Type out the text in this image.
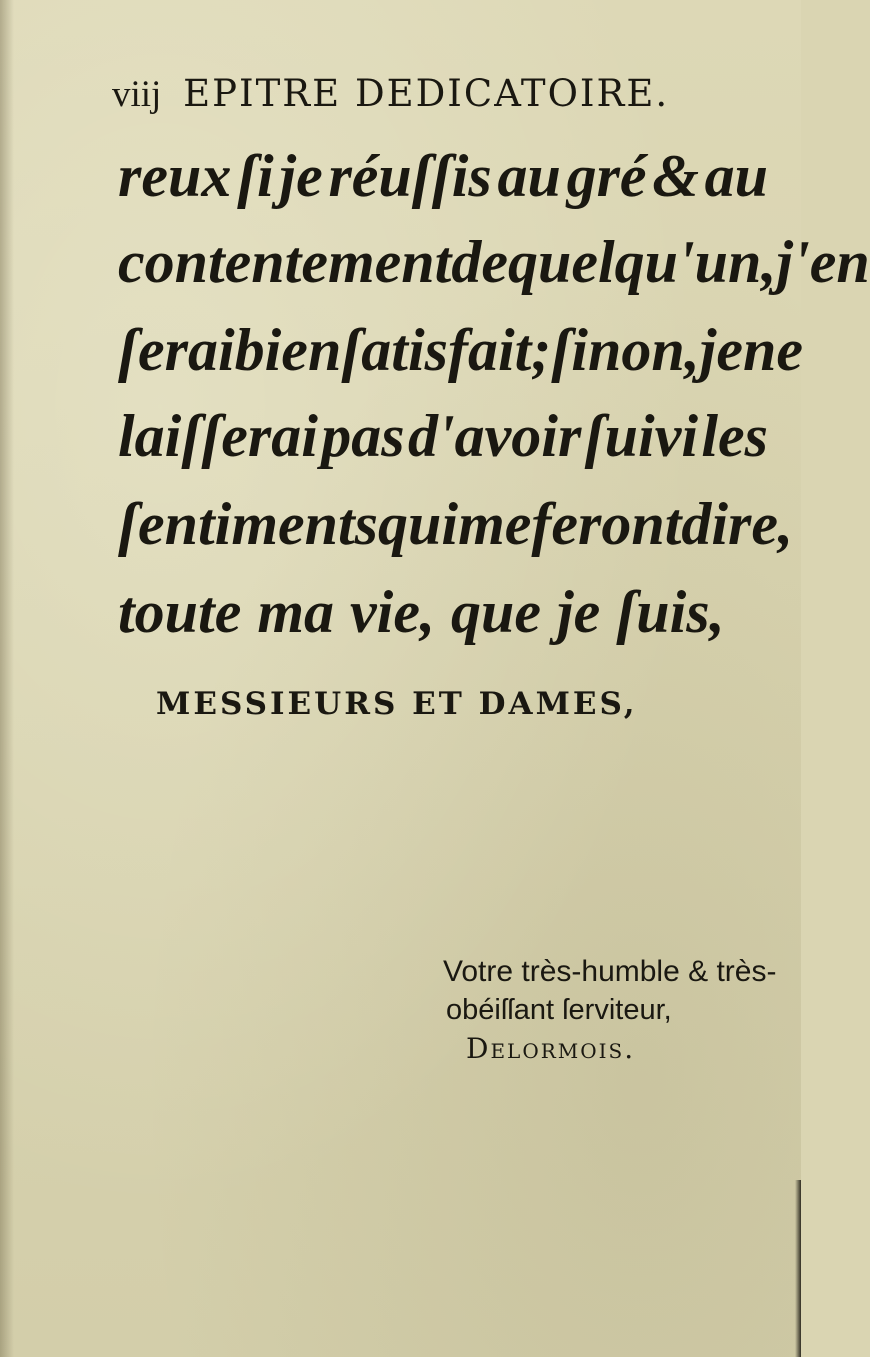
viij EPITRE DEDICATOIRE.
reux ſi je réuſſis au gré & au
contentement de quelqu'un, j'en
ſerai bien ſatisfait; ſinon, je ne
laiſſerai pas d'avoir ſuivi les
ſentiments qui me feront dire,
toute ma vie, que je ſuis,
MESSIEURS ET DAMES,
Votre très-humble & très-
obéiſſant ſerviteur,
Delormois.
